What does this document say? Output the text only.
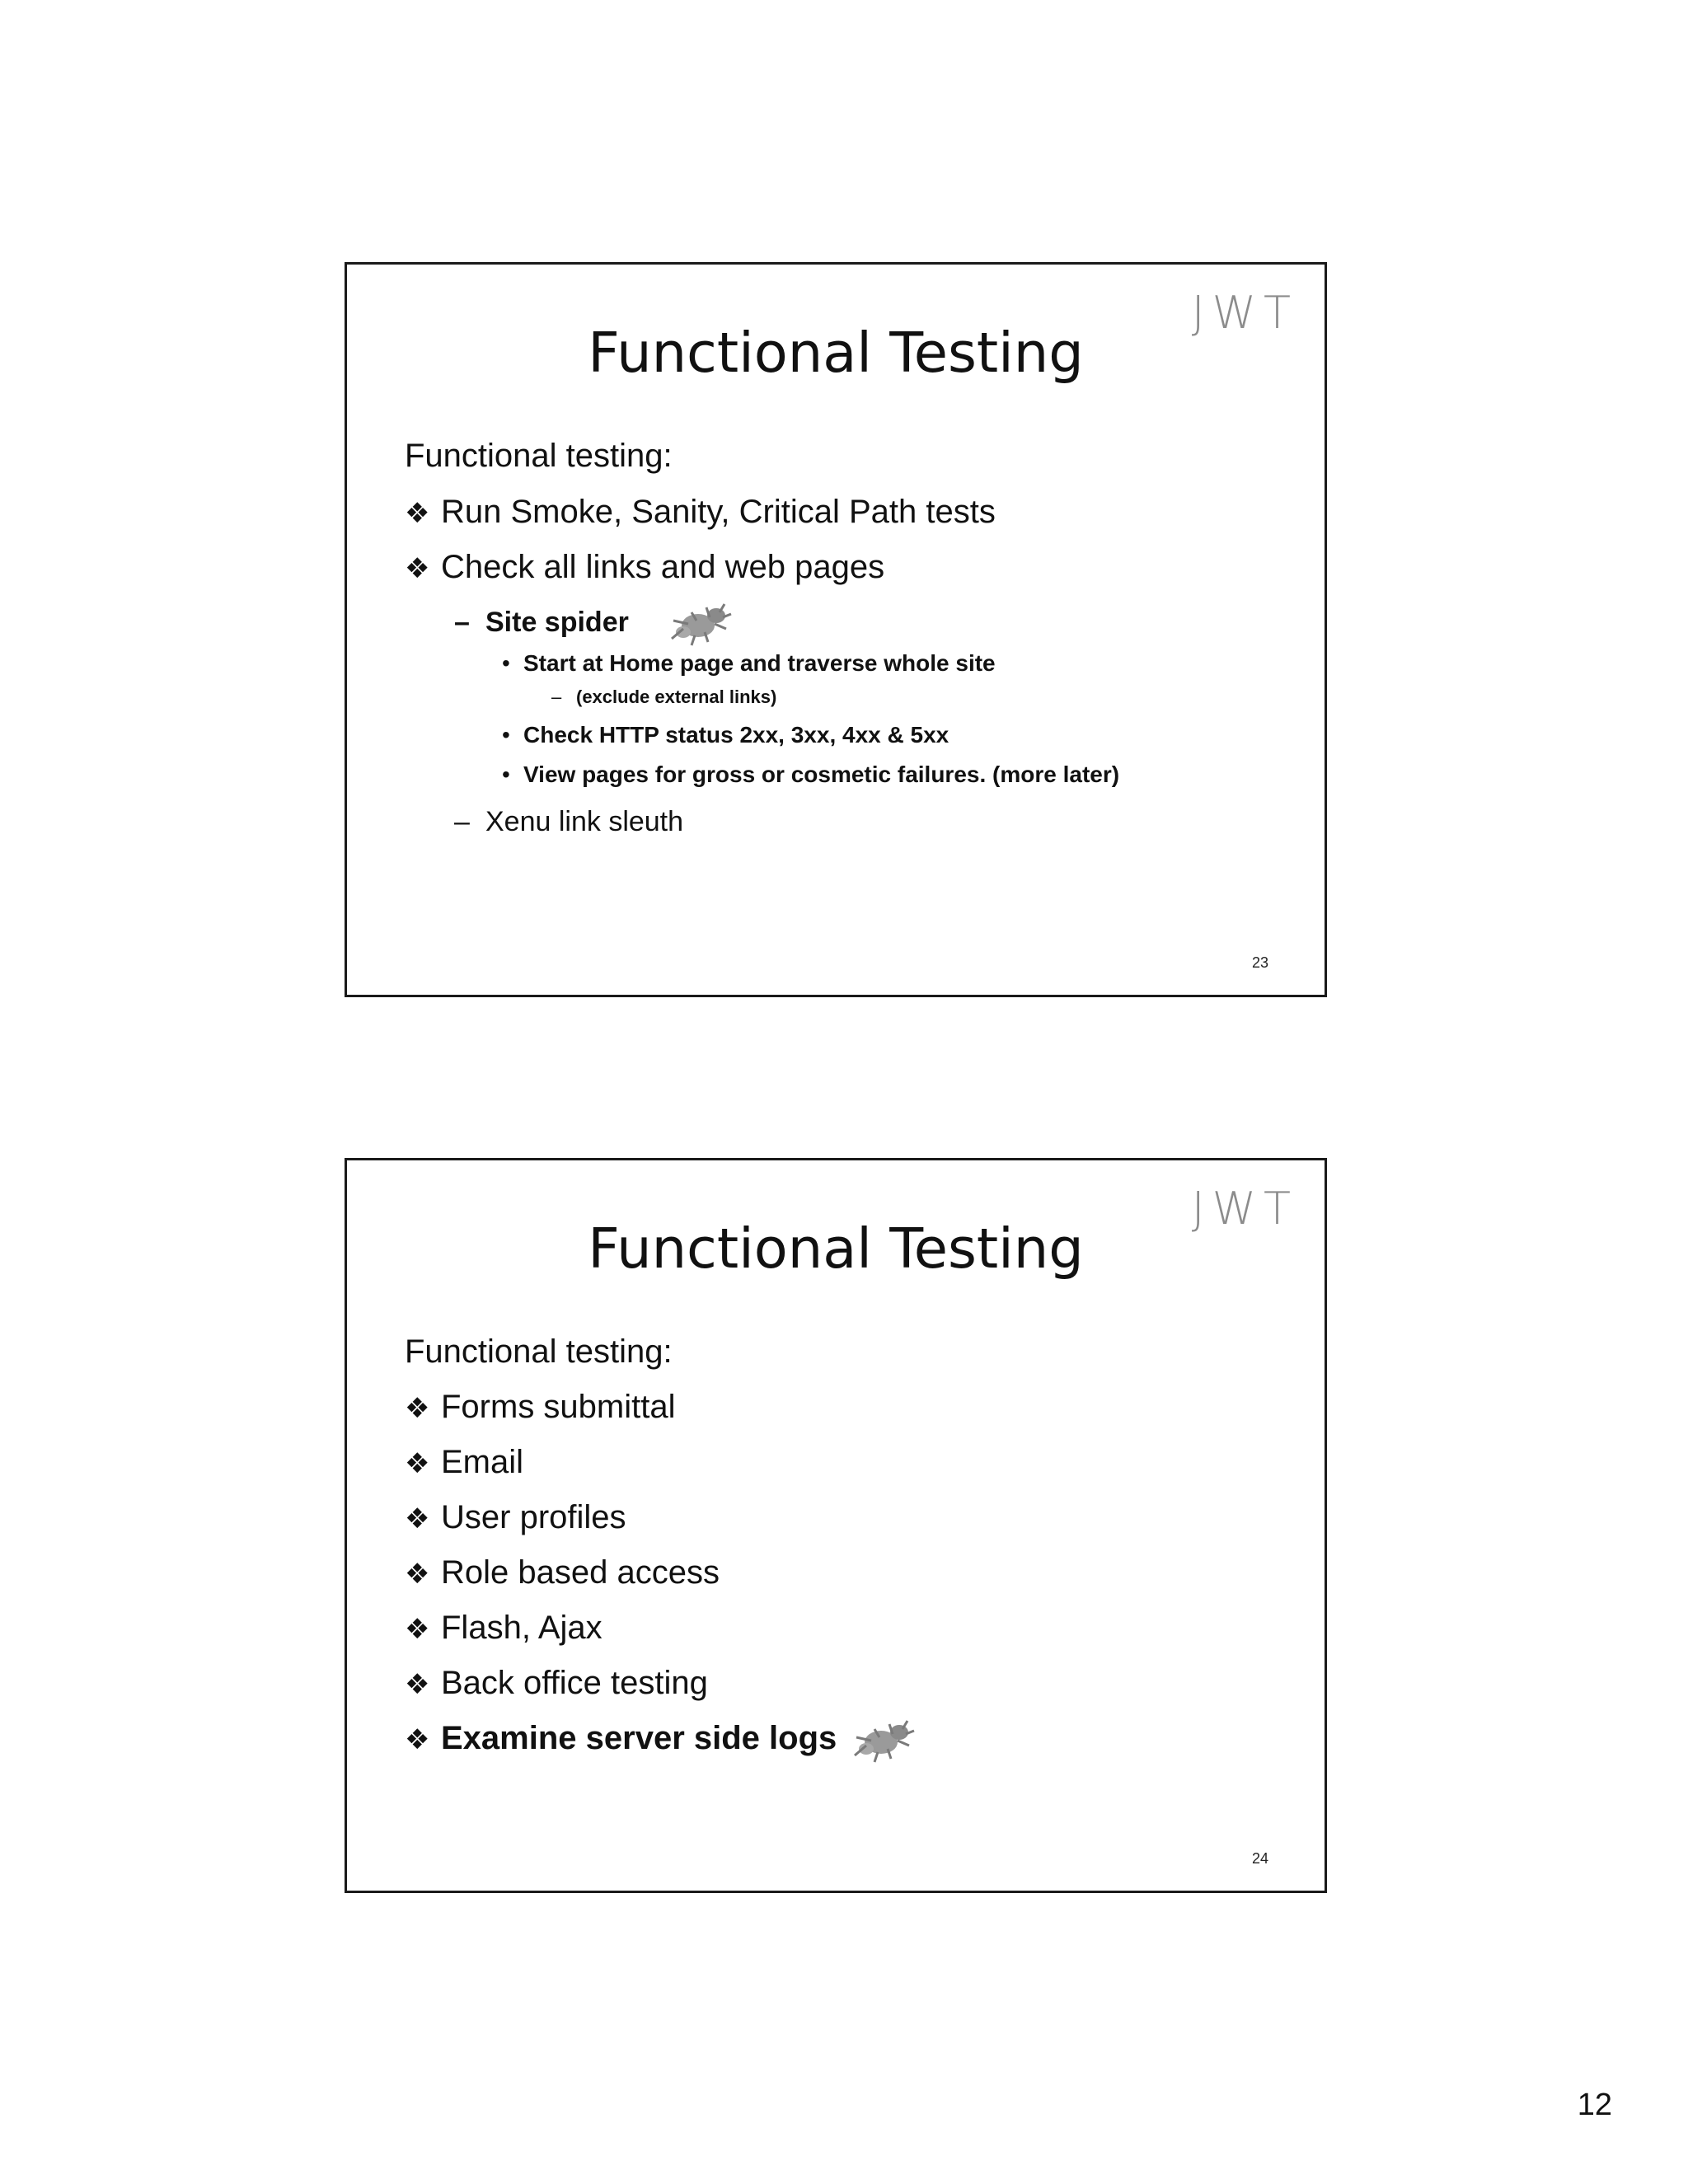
JWT
Functional Testing
Functional testing:
❖ Run Smoke, Sanity, Critical Path tests
❖ Check all links and web pages
– Site spider
• Start at Home page and traverse whole site
– (exclude external links)
• Check HTTP status 2xx, 3xx, 4xx & 5xx
• View pages for gross or cosmetic failures. (more later)
– Xenu link sleuth
23
JWT
Functional Testing
Functional testing:
❖ Forms submittal
❖ Email
❖ User profiles
❖ Role based access
❖ Flash, Ajax
❖ Back office testing
❖ Examine server side logs
24
12
